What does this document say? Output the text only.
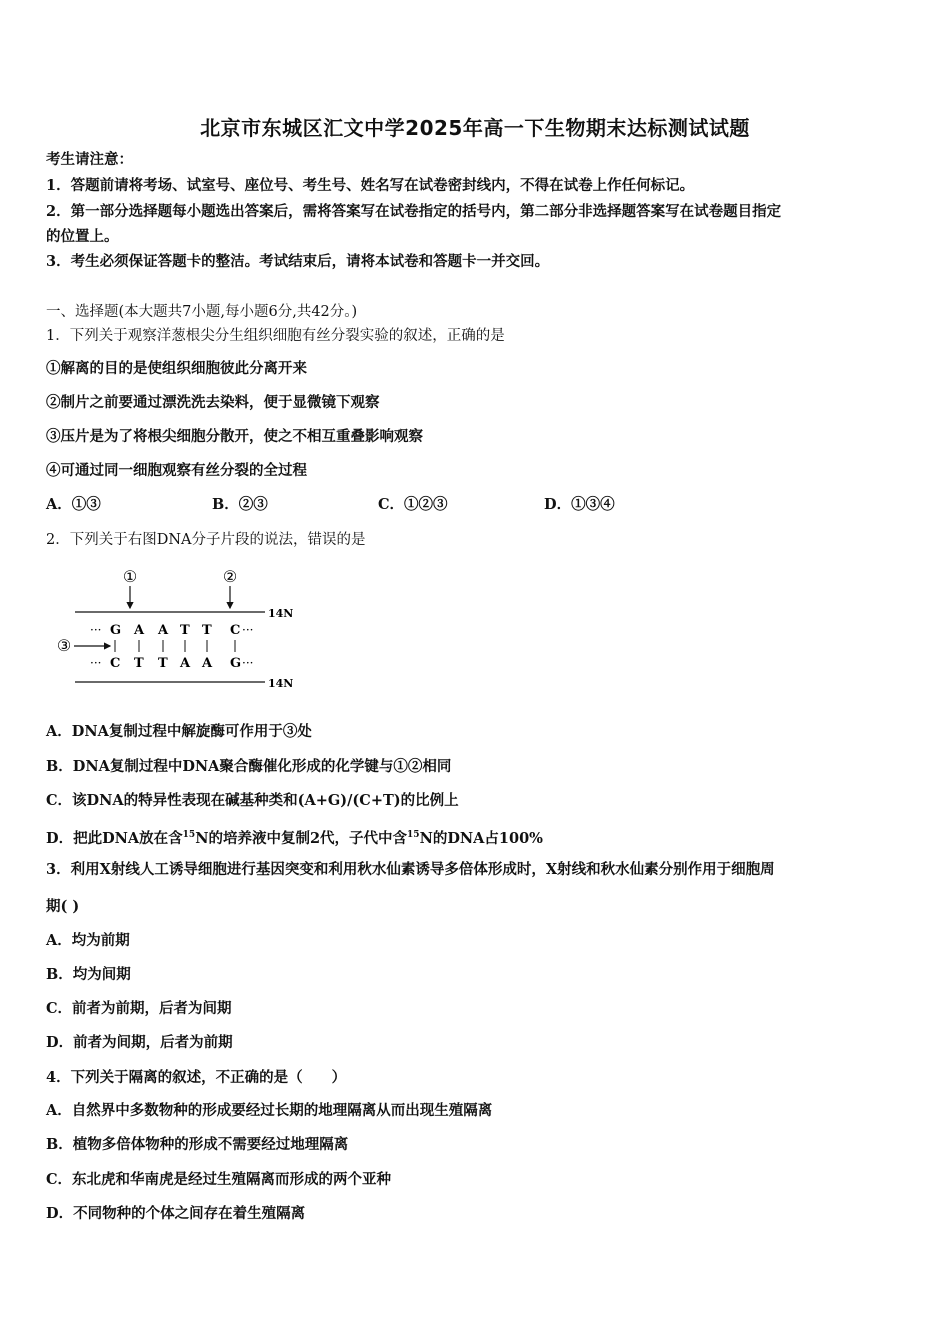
北京市东城区汇文中学2025年高一下生物期末达标测试试题
考生请注意：
1．答题前请将考场、试室号、座位号、考生号、姓名写在试卷密封线内，不得在试卷上作任何标记。
2．第一部分选择题每小题选出答案后，需将答案写在试卷指定的括号内，第二部分非选择题答案写在试卷题目指定
的位置上。
3．考生必须保证答题卡的整洁。考试结束后，请将本试卷和答题卡一并交回。
一、选择题(本大题共7小题,每小题6分,共42分。)
1．下列关于观察洋葱根尖分生组织细胞有丝分裂实验的叙述，正确的是
①解离的目的是使组织细胞彼此分离开来
②制片之前要通过漂洗洗去染料，便于显微镜下观察
③压片是为了将根尖细胞分散开，使之不相互重叠影响观察
④可通过同一细胞观察有丝分裂的全过程
A．①③	B．②③	C．①②③	D．①③④
2．下列关于右图DNA分子片段的说法，错误的是
①	②
14N
··· G A A T T C ···
③
··· C T T A A G ···
14N
A．DNA复制过程中解旋酶可作用于③处
B．DNA复制过程中DNA聚合酶催化形成的化学键与①②相同
C．该DNA的特异性表现在碱基种类和(A+G)/(C+T)的比例上
D．把此DNA放在含$^{15}$N的培养液中复制2代，子代中含$^{15}$N的DNA占100%
3．利用X射线人工诱导细胞进行基因突变和利用秋水仙素诱导多倍体形成时，X射线和秋水仙素分别作用于细胞周
期( )
A．均为前期
B．均为间期
C．前者为前期，后者为间期
D．前者为间期，后者为前期
4．下列关于隔离的叙述，不正确的是（　　）
A．自然界中多数物种的形成要经过长期的地理隔离从而出现生殖隔离
B．植物多倍体物种的形成不需要经过地理隔离
C．东北虎和华南虎是经过生殖隔离而形成的两个亚种
D．不同物种的个体之间存在着生殖隔离
